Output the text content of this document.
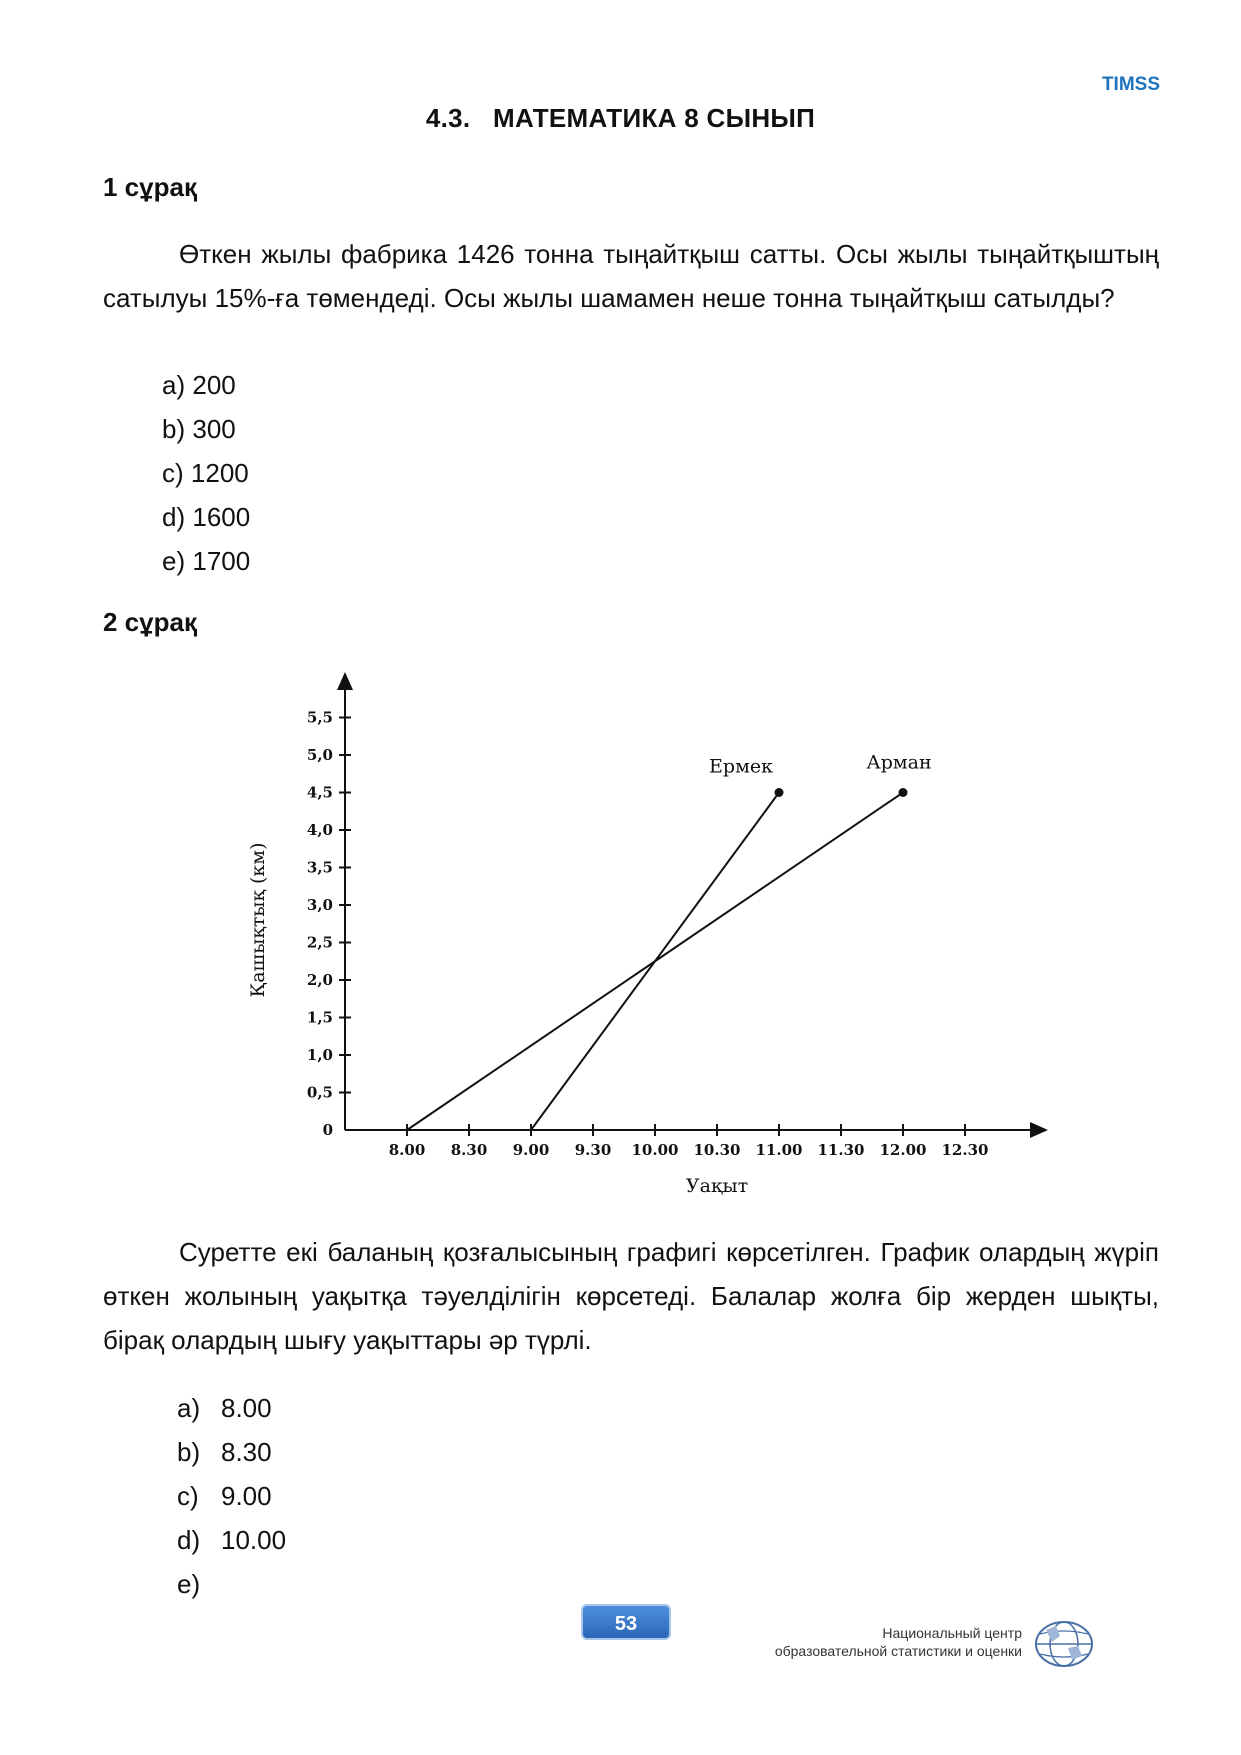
TIMSS
4.3.   МАТЕМАТИКА 8 СЫНЫП
1 сұрақ

Өткен жылы фабрика 1426 тонна тыңайтқыш сатты. Осы жылы тыңайтқыштың сатылуы 15%-ға төмендеді. Осы жылы шамамен неше тонна тыңайтқыш сатылды?

a) 200
b) 300
c) 1200
d) 1600
e) 1700
2 сұрақ
0
0,5
1,0
1,5
2,0
2,5
3,0
3,5
4,0
4,5
5,0
5,5
8.00 8.30 9.00 9.30 10.00 10.30 11.00 11.30 12.00 12.30
Уақыт
Қашықтық (км)
Ермек	Арман

Суретте екі баланың қозғалысының графигі көрсетілген. График олардың жүріп өткен жолының уақытқа тәуелділігін көрсетеді. Балалар жолға бір жерден шықты, бірақ олардың шығу уақыттары әр түрлі.

a) 8.00
b) 8.30
c) 9.00
d) 10.00
e)
53	Национальный центр
образовательной статистики и оценки
